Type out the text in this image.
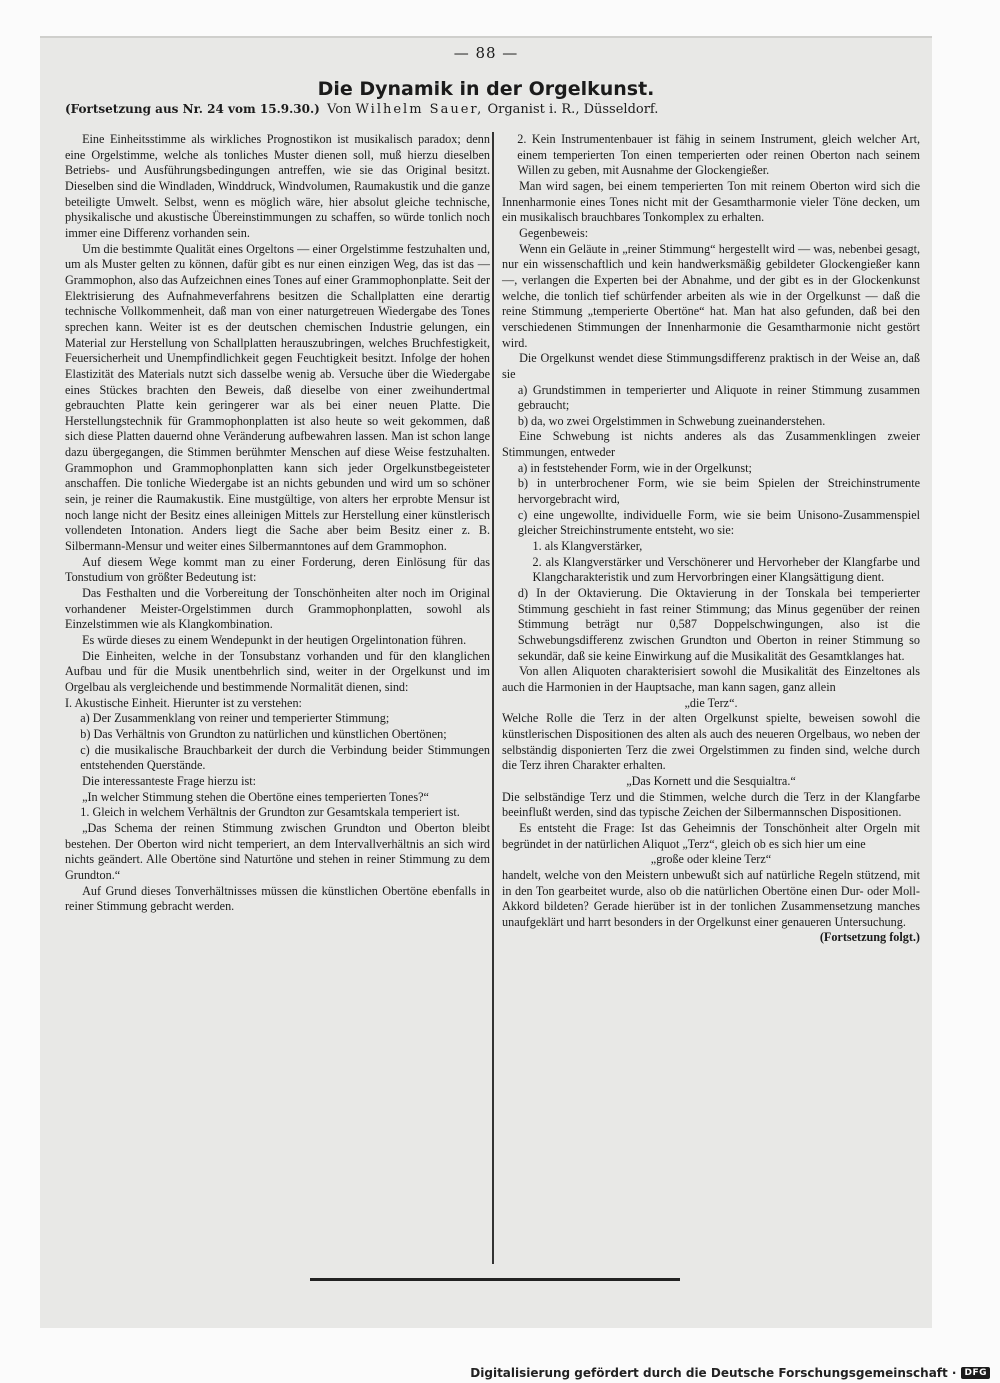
— 88 —
Die Dynamik in der Orgelkunst.
(Fortsetzung aus Nr. 24 vom 15.9.30.) Von Wilhelm Sauer, Organist i. R., Düsseldorf.

Eine Einheitsstimme als wirkliches Prognostikon ist musikalisch paradox; denn eine Orgelstimme, welche als tonliches Muster dienen soll, muß hierzu dieselben Betriebs- und Ausführungsbedingungen antreffen, wie sie das Original besitzt. Dieselben sind die Windladen, Winddruck, Windvolumen, Raumakustik und die ganze beteiligte Umwelt. Selbst, wenn es möglich wäre, hier absolut gleiche technische, physikalische und akustische Übereinstimmungen zu schaffen, so würde tonlich noch immer eine Differenz vorhanden sein.

Um die bestimmte Qualität eines Orgeltons — einer Orgelstimme festzuhalten und, um als Muster gelten zu können, dafür gibt es nur einen einzigen Weg, das ist das — Grammophon, also das Aufzeichnen eines Tones auf einer Grammophonplatte. Seit der Elektrisierung des Aufnahmeverfahrens besitzen die Schallplatten eine derartig technische Vollkommenheit, daß man von einer naturgetreuen Wiedergabe des Tones sprechen kann. Weiter ist es der deutschen chemischen Industrie gelungen, ein Material zur Herstellung von Schallplatten herauszubringen, welches Bruchfestigkeit, Feuersicherheit und Unempfindlichkeit gegen Feuchtigkeit besitzt. Infolge der hohen Elastizität des Materials nutzt sich dasselbe wenig ab. Versuche über die Wiedergabe eines Stückes brachten den Beweis, daß dieselbe von einer zweihundertmal gebrauchten Platte kein geringerer war als bei einer neuen Platte. Die Herstellungstechnik für Grammophonplatten ist also heute so weit gekommen, daß sich diese Platten dauernd ohne Veränderung aufbewahren lassen. Man ist schon lange dazu übergegangen, die Stimmen berühmter Menschen auf diese Weise festzuhalten. Grammophon und Grammophonplatten kann sich jeder Orgelkunstbegeisteter anschaffen. Die tonliche Wiedergabe ist an nichts gebunden und wird um so schöner sein, je reiner die Raumakustik. Eine mustgültige, von alters her erprobte Mensur ist noch lange nicht der Besitz eines alleinigen Mittels zur Herstellung einer künstlerisch vollendeten Intonation. Anders liegt die Sache aber beim Besitz einer z. B. Silbermann-Mensur und weiter eines Silbermanntones auf dem Grammophon.

Auf diesem Wege kommt man zu einer Forderung, deren Einlösung für das Tonstudium von größter Bedeutung ist:

Das Festhalten und die Vorbereitung der Tonschönheiten alter noch im Original vorhandener Meister-Orgelstimmen durch Grammophonplatten, sowohl als Einzelstimmen wie als Klangkombination.

Es würde dieses zu einem Wendepunkt in der heutigen Orgelintonation führen.

Die Einheiten, welche in der Tonsubstanz vorhanden und für den klanglichen Aufbau und für die Musik unentbehrlich sind, weiter in der Orgelkunst und im Orgelbau als vergleichende und bestimmende Normalität dienen, sind:

I. Akustische Einheit. Hierunter ist zu verstehen:

a) Der Zusammenklang von reiner und temperierter Stimmung;

b) Das Verhältnis von Grundton zu natürlichen und künstlichen Obertönen;

c) die musikalische Brauchbarkeit der durch die Verbindung beider Stimmungen entstehenden Querstände.

Die interessanteste Frage hierzu ist:

„In welcher Stimmung stehen die Obertöne eines temperierten Tones?“

1. Gleich in welchem Verhältnis der Grundton zur Gesamtskala temperiert ist.

„Das Schema der reinen Stimmung zwischen Grundton und Oberton bleibt bestehen. Der Oberton wird nicht temperiert, an dem Intervallverhältnis an sich wird nichts geändert. Alle Obertöne sind Naturtöne und stehen in reiner Stimmung zu dem Grundton.“

Auf Grund dieses Tonverhältnisses müssen die künstlichen Obertöne ebenfalls in reiner Stimmung gebracht werden.

2. Kein Instrumentenbauer ist fähig in seinem Instrument, gleich welcher Art, einem temperierten Ton einen temperierten oder reinen Oberton nach seinem Willen zu geben, mit Ausnahme der Glockengießer.

Man wird sagen, bei einem temperierten Ton mit reinem Oberton wird sich die Innenharmonie eines Tones nicht mit der Gesamtharmonie vieler Töne decken, um ein musikalisch brauchbares Tonkomplex zu erhalten.

Gegenbeweis:

Wenn ein Geläute in „reiner Stimmung“ hergestellt wird — was, nebenbei gesagt, nur ein wissenschaftlich und kein handwerksmäßig gebildeter Glockengießer kann —, verlangen die Experten bei der Abnahme, und der gibt es in der Glockenkunst welche, die tonlich tief schürfender arbeiten als wie in der Orgelkunst — daß die reine Stimmung „temperierte Obertöne“ hat. Man hat also gefunden, daß bei den verschiedenen Stimmungen der Innenharmonie die Gesamtharmonie nicht gestört wird.

Die Orgelkunst wendet diese Stimmungsdifferenz praktisch in der Weise an, daß sie

a) Grundstimmen in temperierter und Aliquote in reiner Stimmung zusammen gebraucht;

b) da, wo zwei Orgelstimmen in Schwebung zueinanderstehen.

Eine Schwebung ist nichts anderes als das Zusammenklingen zweier Stimmungen, entweder

a) in feststehender Form, wie in der Orgelkunst;

b) in unterbrochener Form, wie sie beim Spielen der Streichinstrumente hervorgebracht wird,

c) eine ungewollte, individuelle Form, wie sie beim Unisono-Zusammenspiel gleicher Streichinstrumente entsteht, wo sie:

1. als Klangverstärker,

2. als Klangverstärker und Verschönerer und Hervorheber der Klangfarbe und Klangcharakteristik und zum Hervorbringen einer Klangsättigung dient.

d) In der Oktavierung. Die Oktavierung in der Tonskala bei temperierter Stimmung geschieht in fast reiner Stimmung; das Minus gegenüber der reinen Stimmung beträgt nur 0,587 Doppelschwingungen, also ist die Schwebungsdifferenz zwischen Grundton und Oberton in reiner Stimmung so sekundär, daß sie keine Einwirkung auf die Musikalität des Gesamtklanges hat.

Von allen Aliquoten charakterisiert sowohl die Musikalität des Einzeltones als auch die Harmonien in der Hauptsache, man kann sagen, ganz allein

„die Terz“.

Welche Rolle die Terz in der alten Orgelkunst spielte, beweisen sowohl die künstlerischen Dispositionen des alten als auch des neueren Orgelbaus, wo neben der selbständig disponierten Terz die zwei Orgelstimmen zu finden sind, welche durch die Terz ihren Charakter erhalten.

„Das Kornett und die Sesquialtra.“

Die selbständige Terz und die Stimmen, welche durch die Terz in der Klangfarbe beeinflußt werden, sind das typische Zeichen der Silbermannschen Dispositionen.

Es entsteht die Frage: Ist das Geheimnis der Tonschönheit alter Orgeln mit begründet in der natürlichen Aliquot „Terz“, gleich ob es sich hier um eine

„große oder kleine Terz“

handelt, welche von den Meistern unbewußt sich auf natürliche Regeln stützend, mit in den Ton gearbeitet wurde, also ob die natürlichen Obertöne einen Dur- oder Moll-Akkord bildeten? Gerade hierüber ist in der tonlichen Zusammensetzung manches unaufgeklärt und harrt besonders in der Orgelkunst einer genaueren Untersuchung.

(Fortsetzung folgt.)

Digitalisierung gefördert durch die Deutsche Forschungsgemeinschaft · DFG
